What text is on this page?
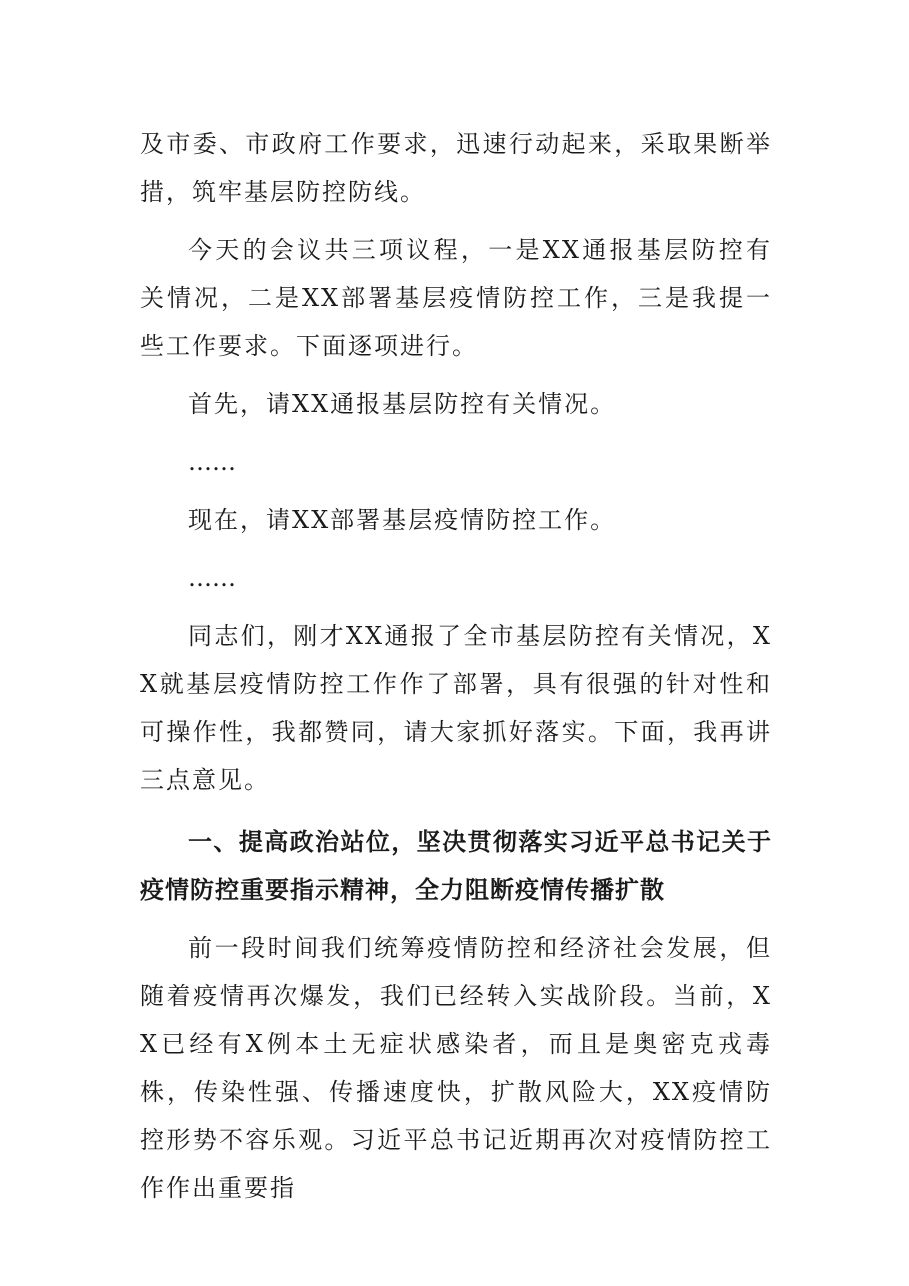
及市委、市政府工作要求，迅速行动起来，采取果断举措，筑牢基层防控防线。

今天的会议共三项议程，一是XX通报基层防控有关情况，二是XX部署基层疫情防控工作，三是我提一些工作要求。下面逐项进行。

首先，请XX通报基层防控有关情况。

……

现在，请XX部署基层疫情防控工作。

……

同志们，刚才XX通报了全市基层防控有关情况，XX就基层疫情防控工作作了部署，具有很强的针对性和可操作性，我都赞同，请大家抓好落实。下面，我再讲三点意见。

一、提高政治站位，坚决贯彻落实习近平总书记关于疫情防控重要指示精神，全力阻断疫情传播扩散

前一段时间我们统筹疫情防控和经济社会发展，但随着疫情再次爆发，我们已经转入实战阶段。当前，XX已经有X例本土无症状感染者，而且是奥密克戎毒株，传染性强、传播速度快，扩散风险大，XX疫情防控形势不容乐观。习近平总书记近期再次对疫情防控工作作出重要指
